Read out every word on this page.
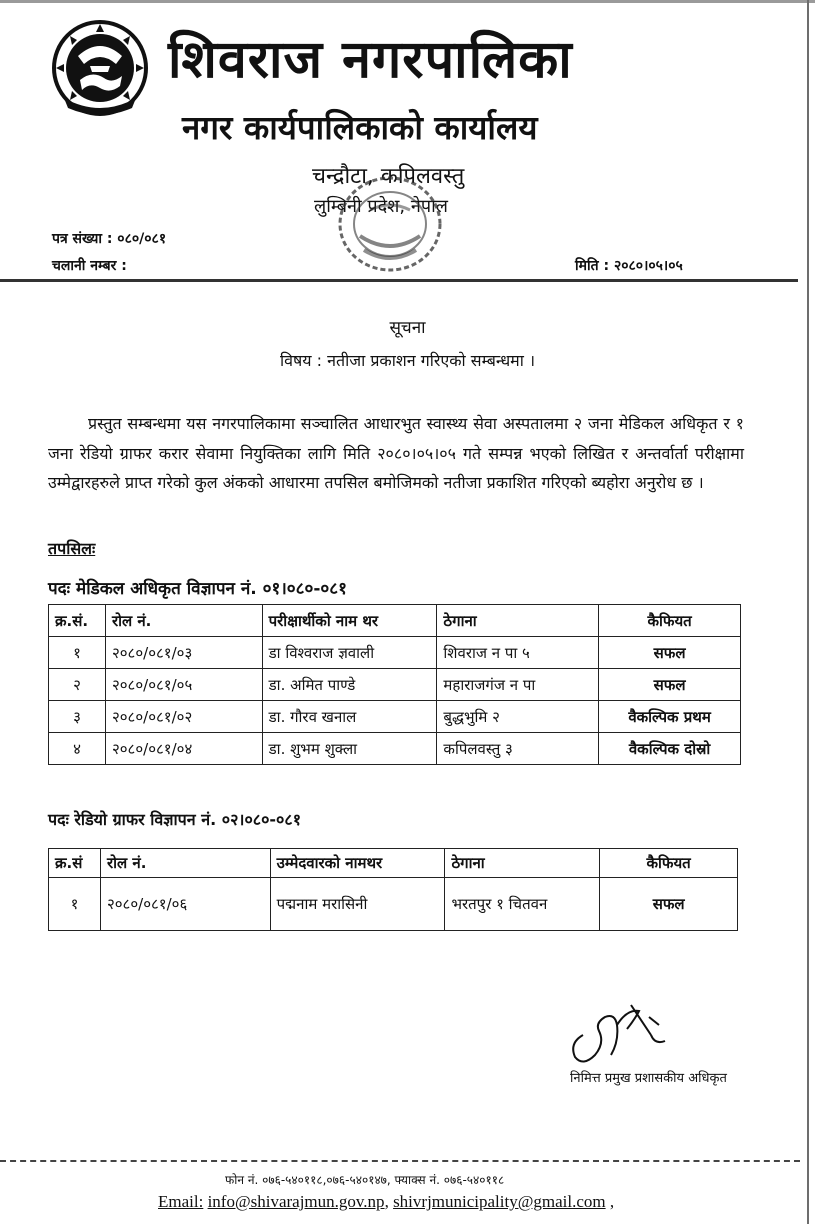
शिवराज नगरपालिका
नगर कार्यपालिकाको कार्यालय
चन्द्रौटा, कपिलवस्तु
लुम्बिनी प्रदेश, नेपाल
पत्र संख्या : ०८०/०८१
चलानी नम्बर :	मिति : २०८०।०५।०५
सूचना
विषय : नतीजा प्रकाशन गरिएको सम्बन्धमा ।

प्रस्तुत सम्बन्धमा यस नगरपालिकामा सञ्चालित आधारभुत स्वास्थ्य सेवा अस्पतालमा २ जना मेडिकल अधिकृत र १ जना रेडियो ग्राफर करार सेवामा नियुक्तिका लागि मिति २०८०।०५।०५ गते सम्पन्न भएको लिखित र अन्तर्वार्ता परीक्षामा उम्मेद्वारहरुले प्राप्त गरेको कुल अंकको आधारमा तपसिल बमोजिमको नतीजा प्रकाशित गरिएको ब्यहोरा अनुरोध छ ।

तपसिलः
पदः मेडिकल अधिकृत विज्ञापन नं. ०१।०८०-०८१
क्र.सं.	रोल नं.	परीक्षार्थीको नाम थर	ठेगाना	कैफियत
१	२०८०/०८१/०३	डा विश्वराज ज्ञवाली	शिवराज न पा ५	सफल
२	२०८०/०८१/०५	डा. अमित पाण्डे	महाराजगंज न पा	सफल
३	२०८०/०८१/०२	डा. गौरव खनाल	बुद्धभुमि २	वैकल्पिक प्रथम
४	२०८०/०८१/०४	डा. शुभम शुक्ला	कपिलवस्तु ३	वैकल्पिक दोस्रो
पदः रेडियो ग्राफर विज्ञापन नं. ०२।०८०-०८१
क्र.सं	रोल नं.	उम्मेदवारको नामथर	ठेगाना	कैफियत
१	२०८०/०८१/०६	पद्मनाम मरासिनी	भरतपुर १ चितवन	सफल
निमित्त प्रमुख प्रशासकीय अधिकृत
फोन नं. ०७६-५४०११८,०७६-५४०१४७, फ्याक्स नं. ०७६-५४०११८
Email: info@shivarajmun.gov.np, shivrjmunicipality@gmail.com ,
